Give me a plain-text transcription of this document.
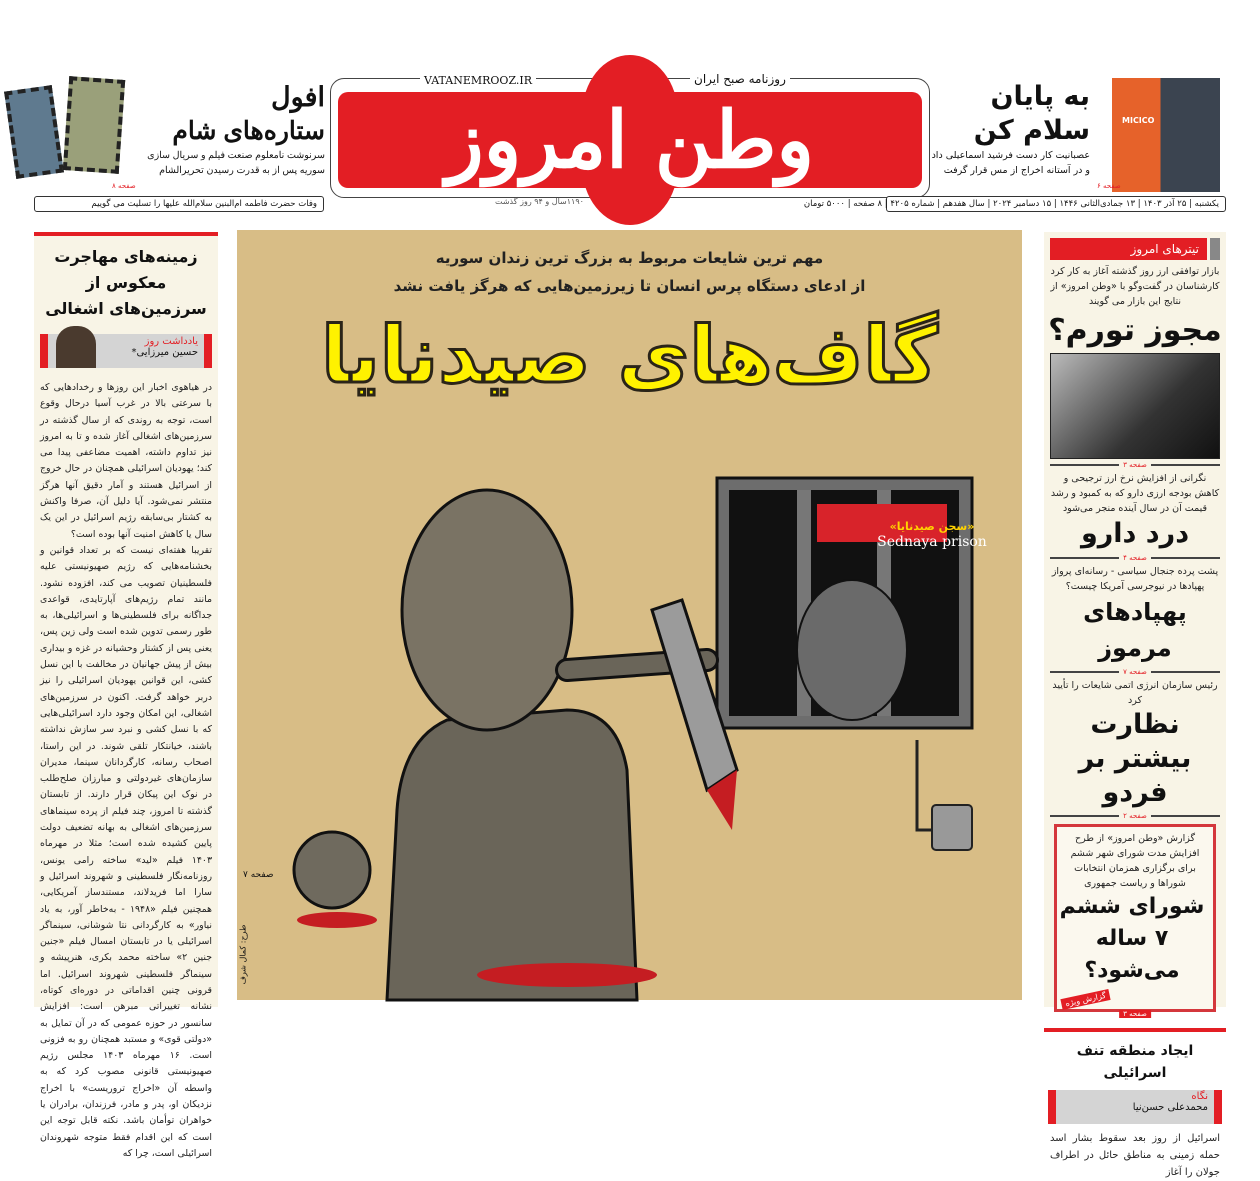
وطن امروز
VATANEMROOZ.IR	روزنامه صبح ایران
۱۱۹۰سال و ۹۴ روز گذشت	یکشنبه | ۲۵ آذر ۱۴۰۳ | ۱۳ جمادی‌الثانی ۱۴۴۶ | ۱۵ دسامبر ۲۰۲۴ | سال هفدهم | شماره ۴۲۰۵ | ۸ صفحه | ۵۰۰۰ تومان
وفات حضرت فاطمه ام‌البنین سلام‌الله علیها را تسلیت می گوییم
به پایان
سلام کن
عصبانیت کار دست فرشید اسماعیلی داد
و در آستانه اخراج از مس قرار گرفت
MICICO
صفحه ۶
افول
ستاره‌های شام
سرنوشت نامعلوم صنعت فیلم و سریال سازی
سوریه پس از به قدرت رسیدن تحریرالشام
صفحه ۸
زمینه‌های مهاجرت معکوس از سرزمین‌های اشغالی
یادداشت روز
حسین میرزایی*

در هیاهوی اخبار این روزها و رخدادهایی که با سرعتی بالا در غرب آسیا درحال وقوع است، توجه به روندی که از سال گذشته در سرزمین‌های اشغالی آغاز شده و تا به امروز نیز تداوم داشته، اهمیت مضاعفی پیدا می کند؛ یهودیان اسرائیلی همچنان در حال خروج از اسرائیل هستند و آمار دقیق آنها هرگز منتشر نمی‌شود. آیا دلیل آن، صرفا واکنش به کشتار بی‌سابقه رژیم اسرائیل در این یک سال یا کاهش امنیت آنها بوده است؟

تقریبا هفته‌ای نیست که بر تعداد قوانین و بخشنامه‌هایی که رژیم صهیونیستی علیه فلسطینیان تصویب می کند، افزوده نشود. مانند تمام رژیم‌های آپارتایدی، قواعدی جداگانه برای فلسطینی‌ها و اسرائیلی‌ها، به طور رسمی تدوین شده است ولی زین پس، یعنی پس از کشتار وحشیانه در غزه و بیداری بیش از پیش جهانیان در مخالفت با این نسل کشی، این قوانین یهودیان اسرائیلی را نیز دربر خواهد گرفت. اکنون در سرزمین‌های اشغالی، این امکان وجود دارد اسرائیلی‌هایی که با نسل کشی و نبرد سر سازش نداشته باشند، خیانتکار تلقی شوند. در این راستا، اصحاب رسانه، کارگردانان سینما، مدیران سازمان‌های غیردولتی و مبارزان صلح‌طلب در نوک این پیکان قرار دارند. از تابستان گذشته تا امروز، چند فیلم از پرده سینماهای سرزمین‌های اشغالی به بهانه تضعیف دولت پایین کشیده شده است؛ مثلا در مهرماه ۱۴۰۳ فیلم «لید» ساخته رامی یونس، روزنامه‌نگار فلسطینی و شهروند اسرائیل و سارا اما فریدلاند، مستندساز آمریکایی، همچنین فیلم «۱۹۴۸ - به‌خاطر آور، به یاد نیاور» به کارگردانی نتا شوشانی، سینماگر اسرائیلی یا در تابستان امسال فیلم «جنین جنین ۲» ساخته محمد بکری، هنرپیشه و سینماگر فلسطینی شهروند اسرائیل. اما قرونی چنین اقداماتی در دوره‌ای کوتاه، نشانه تغییراتی مبرهن است: افزایش سانسور در حوزه عمومی که در آن تمایل به «دولتی قوی» و مستبد همچنان رو به فزونی است. ۱۶ مهرماه ۱۴۰۳ مجلس رژیم صهیونیستی قانونی مصوب کرد که به واسطه آن «اخراج تروریست» با اخراج نزدیکان او، پدر و مادر، فرزندان، برادران یا خواهران توأمان باشد. نکته قابل توجه این است که این اقدام فقط متوجه شهروندان اسرائیلی است، چرا که

مهم ترین شایعات مربوط به بزرگ ترین زندان سوریه
از ادعای دستگاه پرس انسان تا زیرزمین‌هایی که هرگز یافت نشد
گاف‌های صیدنایا
«سجن صيدنايا»
Sednaya prison
صفحه ۷
طرح: کمال شرف
تیترهای امروز
بازار توافقی ارز روز گذشته آغاز به کار کرد کارشناسان در گفت‌وگو با «وطن امروز» از نتایج این بازار می گویند
مجوز تورم؟
صفحه ۳
نگرانی از افزایش نرخ ارز ترجیحی و کاهش بودجه ارزی دارو که به کمبود و رشد قیمت آن در سال آینده منجر می‌شود
درد دارو
صفحه ۴
پشت پرده جنجال سیاسی - رسانه‌ای پرواز پهپادها در نیوجرسی آمریکا چیست؟
پهپادهای مرموز
صفحه ۷
رئیس سازمان انرژی اتمی شایعات را تأیید کرد
نظارت بیشتر بر فردو
صفحه ۲
گزارش «وطن امروز» از طرح افزایش مدت شورای شهر ششم برای برگزاری همزمان انتخابات شوراها و ریاست جمهوری
شورای ششم ۷ ساله می‌شود؟
گزارش ویژه
صفحه ۳
ایجاد منطقه تنف اسرائیلی
نگاه
محمدعلی حسن‌نیا
اسرائیل از روز بعد سقوط بشار اسد حمله زمینی به مناطق حائل در اطراف جولان را آغاز
